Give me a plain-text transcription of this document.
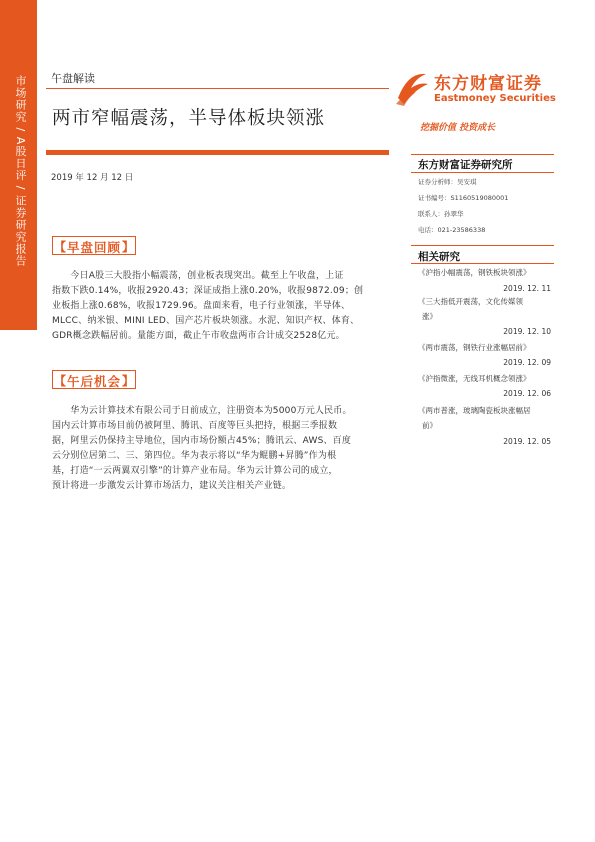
市场研究 / A股日评 / 证券研究报告 午盘解读
两市窄幅震荡，半导体板块领涨
2019 年 12 月 12 日
东方财富证券
Eastmoney Securities
挖掘价值 投资成长
东方财富证券研究所
证券分析师：吴安琪
证书编号：S1160519080001
联系人：孙翠华
电话：021-23586338
相关研究
《沪指小幅震荡，钢铁板块领涨》
2019. 12. 11
《三大指低开震荡，文化传媒领
涨》
2019. 12. 10
《两市震荡，钢铁行业涨幅居前》
2019. 12. 09
《沪指微涨，无线耳机概念领涨》
2019. 12. 06
《两市普涨，玻璃陶瓷板块涨幅居
前》
2019. 12. 05
【 早盘回顾 】
　　今日A股三大股指小幅震荡，创业板表现突出。截至上午收盘，上证
指数下跌0.14%，收报2920.43；深证成指上涨0.20%，收报9872.09；创
业板指上涨0.68%，收报1729.96。盘面来看，电子行业领涨，半导体、
MLCC、纳米银、MINI LED、国产芯片板块领涨。水泥、知识产权、体育、
GDR概念跌幅居前。量能方面，截止午市收盘两市合计成交2528亿元。
【 午后机会 】
　　华为云计算技术有限公司于日前成立，注册资本为5000万元人民币。
国内云计算市场目前仍被阿里、腾讯、百度等巨头把持，根据三季报数
据，阿里云仍保持主导地位，国内市场份额占45%；腾讯云、AWS、百度
云分别位居第二、三、第四位。华为表示将以“华为鲲鹏+昇腾”作为根
基，打造“一云两翼双引擎”的计算产业布局。华为云计算公司的成立，
预计将进一步激发云计算市场活力，建议关注相关产业链。
